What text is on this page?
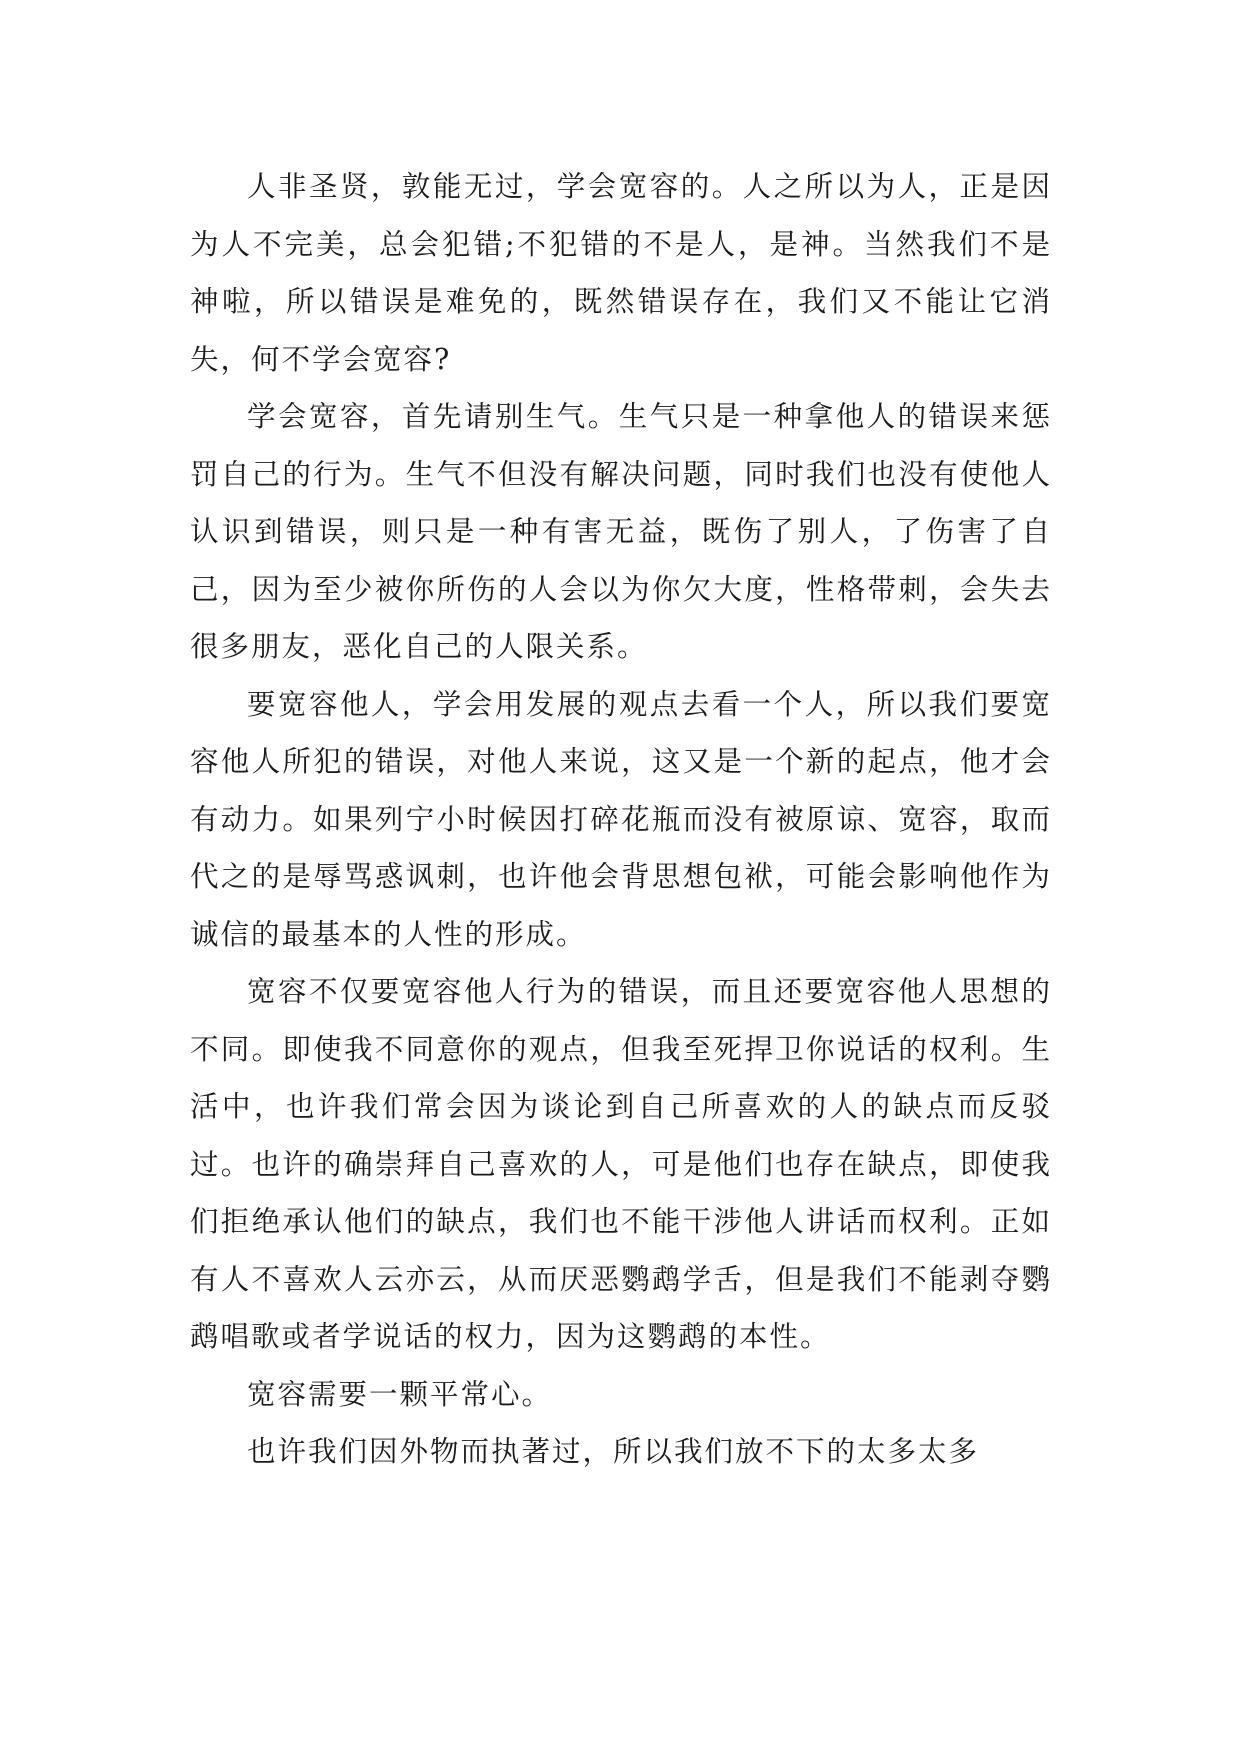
人非圣贤，敦能无过，学会宽容的。人之所以为人，正是因为人不完美，总会犯错;不犯错的不是人，是神。当然我们不是神啦，所以错误是难免的，既然错误存在，我们又不能让它消失，何不学会宽容?

学会宽容，首先请别生气。生气只是一种拿他人的错误来惩罚自己的行为。生气不但没有解决问题，同时我们也没有使他人认识到错误，则只是一种有害无益，既伤了别人，了伤害了自己，因为至少被你所伤的人会以为你欠大度，性格带刺，会失去很多朋友，恶化自己的人限关系。

要宽容他人，学会用发展的观点去看一个人，所以我们要宽容他人所犯的错误，对他人来说，这又是一个新的起点，他才会有动力。如果列宁小时候因打碎花瓶而没有被原谅、宽容，取而代之的是辱骂惑讽刺，也许他会背思想包袱，可能会影响他作为诚信的最基本的人性的形成。

宽容不仅要宽容他人行为的错误，而且还要宽容他人思想的不同。即使我不同意你的观点，但我至死捍卫你说话的权利。生活中，也许我们常会因为谈论到自己所喜欢的人的缺点而反驳过。也许的确崇拜自己喜欢的人，可是他们也存在缺点，即使我们拒绝承认他们的缺点，我们也不能干涉他人讲话而权利。正如有人不喜欢人云亦云，从而厌恶鹦鹉学舌，但是我们不能剥夺鹦鹉唱歌或者学说话的权力，因为这鹦鹉的本性。

宽容需要一颗平常心。

也许我们因外物而执著过，所以我们放不下的太多太多
